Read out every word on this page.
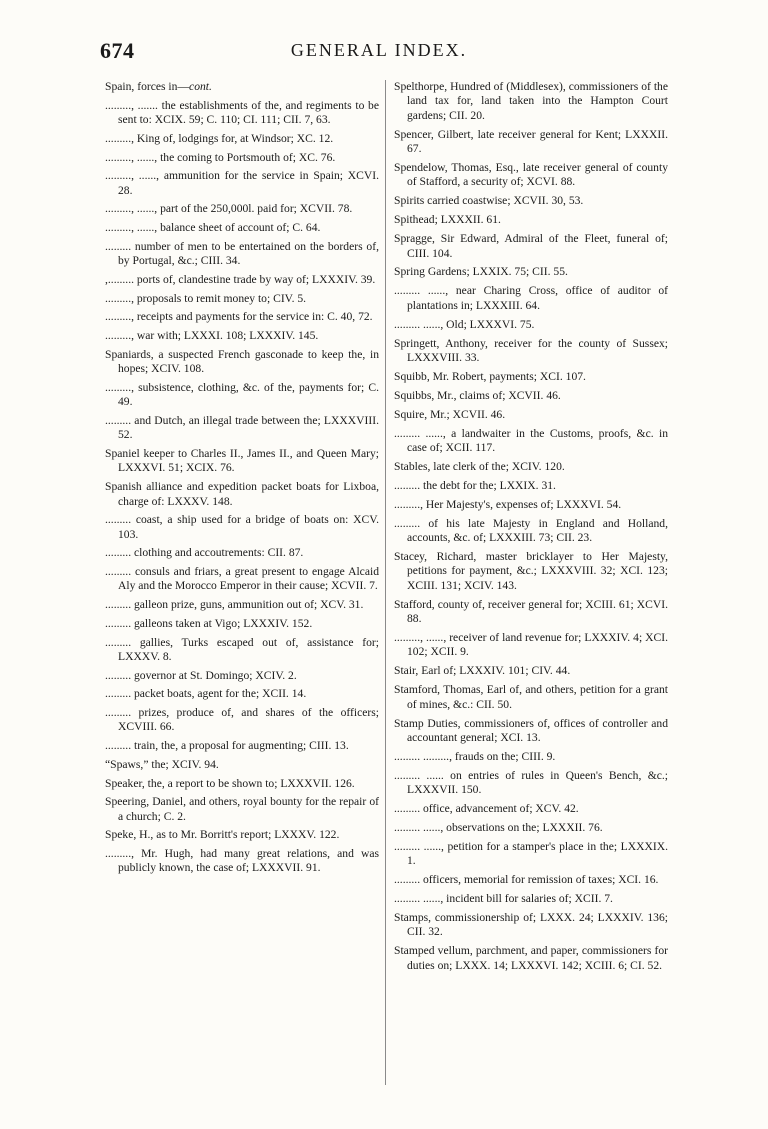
674	GENERAL INDEX.
Spain, forces in—cont.
........., ....... the establishments of the, and regiments to be sent to: XCIX. 59; C. 110; CI. 111; CII. 7, 63.
........., King of, lodgings for, at Windsor; XC. 12.
........., ......, the coming to Portsmouth of; XC. 76.
........., ......, ammunition for the service in Spain; XCVI. 28.
........., ......, part of the 250,000l. paid for; XCVII. 78.
........., ......, balance sheet of account of; C. 64.
......... number of men to be entertained on the borders of, by Portugal, &c.; CIII. 34.
,......... ports of, clandestine trade by way of; LXXXIV. 39.
........., proposals to remit money to; CIV. 5.
........., receipts and payments for the service in: C. 40, 72.
........., war with; LXXXI. 108; LXXXIV. 145.
Spaniards, a suspected French gasconade to keep the, in hopes; XCIV. 108.
........., subsistence, clothing, &c. of the, payments for; C. 49.
......... and Dutch, an illegal trade between the; LXXXVIII. 52.
Spaniel keeper to Charles II., James II., and Queen Mary; LXXXVI. 51; XCIX. 76.
Spanish alliance and expedition packet boats for Lixboa, charge of: LXXXV. 148.
......... coast, a ship used for a bridge of boats on: XCV. 103.
......... clothing and accoutrements: CII. 87.
......... consuls and friars, a great present to engage Alcaid Aly and the Morocco Emperor in their cause; XCVII. 7.
......... galleon prize, guns, ammunition out of; XCV. 31.
......... galleons taken at Vigo; LXXXIV. 152.
......... gallies, Turks escaped out of, assistance for; LXXXV. 8.
......... governor at St. Domingo; XCIV. 2.
......... packet boats, agent for the; XCII. 14.
......... prizes, produce of, and shares of the officers; XCVIII. 66.
......... train, the, a proposal for augmenting; CIII. 13.
“Spaws,” the; XCIV. 94.
Speaker, the, a report to be shown to; LXXXVII. 126.
Speering, Daniel, and others, royal bounty for the repair of a church; C. 2.
Speke, H., as to Mr. Borritt's report; LXXXV. 122.
........., Mr. Hugh, had many great relations, and was publicly known, the case of; LXXXVII. 91.
Spelthorpe, Hundred of (Middlesex), commissioners of the land tax for, land taken into the Hampton Court gardens; CII. 20.
Spencer, Gilbert, late receiver general for Kent; LXXXII. 67.
Spendelow, Thomas, Esq., late receiver general of county of Stafford, a security of; XCVI. 88.
Spirits carried coastwise; XCVII. 30, 53.
Spithead; LXXXII. 61.
Spragge, Sir Edward, Admiral of the Fleet, funeral of; CIII. 104.
Spring Gardens; LXXIX. 75; CII. 55.
......... ......, near Charing Cross, office of auditor of plantations in; LXXXIII. 64.
......... ......, Old; LXXXVI. 75.
Springett, Anthony, receiver for the county of Sussex; LXXXVIII. 33.
Squibb, Mr. Robert, payments; XCI. 107.
Squibbs, Mr., claims of; XCVII. 46.
Squire, Mr.; XCVII. 46.
......... ......, a landwaiter in the Customs, proofs, &c. in case of; XCII. 117.
Stables, late clerk of the; XCIV. 120.
......... the debt for the; LXXIX. 31.
........., Her Majesty's, expenses of; LXXXVI. 54.
......... of his late Majesty in England and Holland, accounts, &c. of; LXXXIII. 73; CII. 23.
Stacey, Richard, master bricklayer to Her Majesty, petitions for payment, &c.; LXXXVIII. 32; XCI. 123; XCIII. 131; XCIV. 143.
Stafford, county of, receiver general for; XCIII. 61; XCVI. 88.
........., ......, receiver of land revenue for; LXXXIV. 4; XCI. 102; XCII. 9.
Stair, Earl of; LXXXIV. 101; CIV. 44.
Stamford, Thomas, Earl of, and others, petition for a grant of mines, &c.: CII. 50.
Stamp Duties, commissioners of, offices of controller and accountant general; XCI. 13.
......... ........., frauds on the; CIII. 9.
......... ...... on entries of rules in Queen's Bench, &c.; LXXXVII. 150.
......... office, advancement of; XCV. 42.
......... ......, observations on the; LXXXII. 76.
......... ......, petition for a stamper's place in the; LXXXIX. 1.
......... officers, memorial for remission of taxes; XCI. 16.
......... ......, incident bill for salaries of; XCII. 7.
Stamps, commissionership of; LXXX. 24; LXXXIV. 136; CII. 32.
Stamped vellum, parchment, and paper, commissioners for duties on; LXXX. 14; LXXXVI. 142; XCIII. 6; CI. 52.
